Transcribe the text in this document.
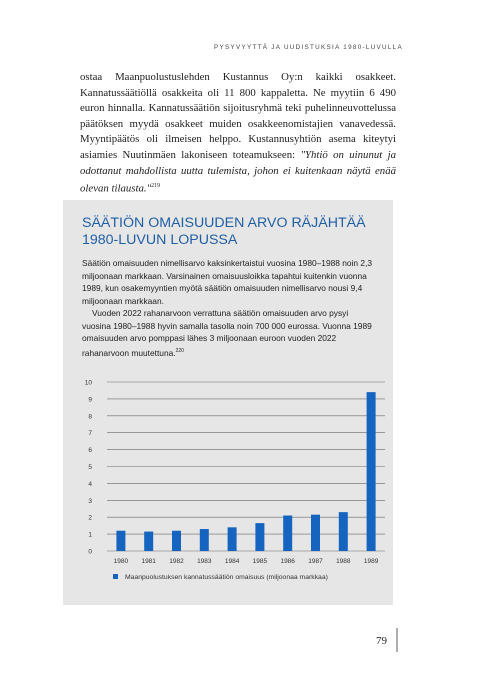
PYSYVYYTTÄ JA UUDISTUKSIA 1980-LUVULLA

ostaa Maanpuolustuslehden Kustannus Oy:n kaikki osakkeet. Kannatussäätiöllä osakkeita oli 11 800 kappaletta. Ne myytiin 6 490 euron hinnalla. Kannatussäätiön sijoitusryhmä teki puhelinneuvottelussa päätöksen myydä osakkeet muiden osakkeenomistajien vanavedessä. Myyntipäätös oli ilmeisen helppo. Kustannusyhtiön asema kiteytyi asiamies Nuutinmäen lakoniseen toteamukseen: "Yhtiö on uinunut ja odottanut mahdollista uutta tulemista, johon ei kuitenkaan näytä enää olevan tilausta."$^{219}$

SÄÄTIÖN OMAISUUDEN ARVO RÄJÄHTÄÄ
1980-LUVUN LOPUSSA

Säätiön omaisuuden nimellisarvo kaksinkertaistui vuosina 1980–1988 noin 2,3 miljoonaan markkaan. Varsinainen omaisuusloikka tapahtui kuitenkin vuonna 1989, kun osakemyyntien myötä säätiön omaisuuden nimellisarvo nousi 9,4 miljoonaan markkaan.

Vuoden 2022 rahanarvoon verrattuna säätiön omaisuuden arvo pysyi vuosina 1980–1988 hyvin samalla tasolla noin 700 000 eurossa. Vuonna 1989 omaisuuden arvo pomppasi lähes 3 miljoonaan euroon vuoden 2022 rahanarvoon muutettuna.$^{220}$

0
1
2
3
4
5
6
7
8
9
10
1980 1981 1982 1983 1984 1985 1986 1987 1988 1989
Maanpuolustuksen kannatussäätiön omaisuus (miljoonaa markkaa)
79
